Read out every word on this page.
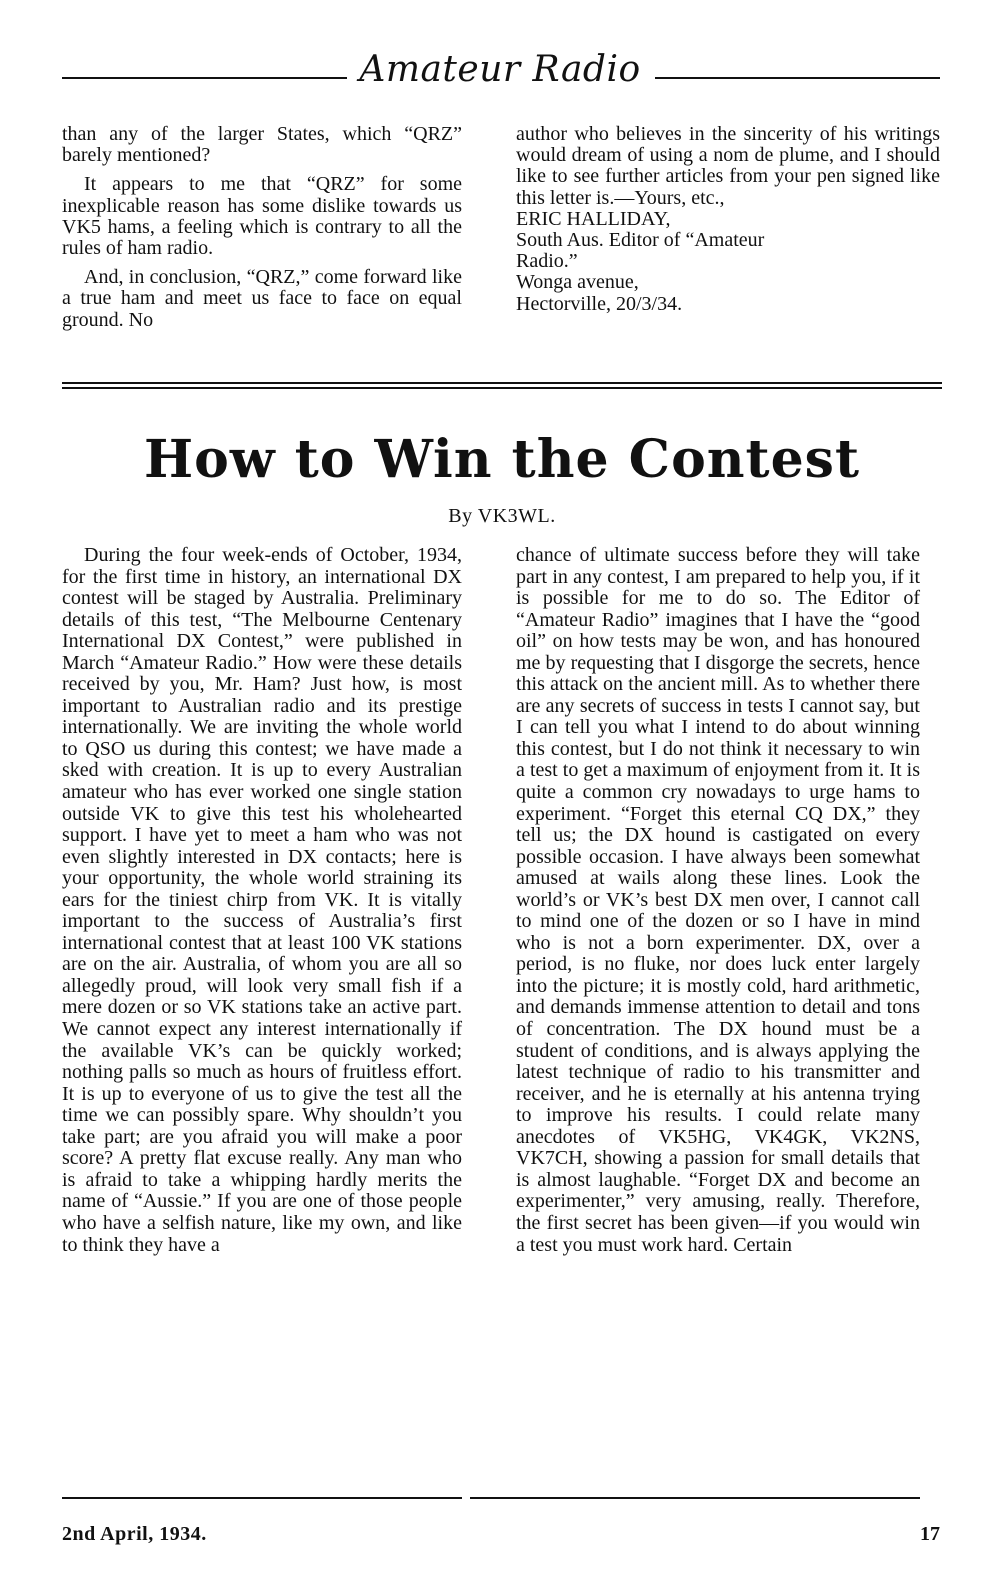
Amateur Radio

than any of the larger States, which “QRZ” barely mentioned?

It appears to me that “QRZ” for some inexplicable reason has some dislike towards us VK5 hams, a feeling which is contrary to all the rules of ham radio.

And, in conclusion, “QRZ,” come forward like a true ham and meet us face to face on equal ground. No

author who believes in the sincerity of his writings would dream of using a nom de plume, and I should like to see further articles from your pen signed like this letter is.—Yours, etc.,

ERIC HALLIDAY,

South Aus. Editor of “Amateur

Radio.”

Wonga avenue,

Hectorville, 20/3/34.

How to Win the Contest
By VK3WL.

During the four week-ends of October, 1934, for the first time in history, an international DX contest will be staged by Australia. Preliminary details of this test, “The Melbourne Centenary International DX Contest,” were published in March “Amateur Radio.” How were these details received by you, Mr. Ham? Just how, is most important to Australian radio and its prestige internationally. We are inviting the whole world to QSO us during this contest; we have made a sked with creation. It is up to every Australian amateur who has ever worked one single station outside VK to give this test his wholehearted support. I have yet to meet a ham who was not even slightly interested in DX contacts; here is your opportunity, the whole world straining its ears for the tiniest chirp from VK. It is vitally important to the success of Australia’s first international contest that at least 100 VK stations are on the air. Australia, of whom you are all so allegedly proud, will look very small fish if a mere dozen or so VK stations take an active part. We cannot expect any interest internationally if the available VK’s can be quickly worked; nothing palls so much as hours of fruitless effort. It is up to everyone of us to give the test all the time we can possibly spare. Why shouldn’t you take part; are you afraid you will make a poor score? A pretty flat excuse really. Any man who is afraid to take a whipping hardly merits the name of “Aussie.” If you are one of those people who have a selfish nature, like my own, and like to think they have a

chance of ultimate success before they will take part in any contest, I am prepared to help you, if it is possible for me to do so. The Editor of “Amateur Radio” imagines that I have the “good oil” on how tests may be won, and has honoured me by requesting that I disgorge the secrets, hence this attack on the ancient mill. As to whether there are any secrets of success in tests I cannot say, but I can tell you what I intend to do about winning this contest, but I do not think it necessary to win a test to get a maximum of enjoyment from it. It is quite a common cry nowadays to urge hams to experiment. “Forget this eternal CQ DX,” they tell us; the DX hound is castigated on every possible occasion. I have always been somewhat amused at wails along these lines. Look the world’s or VK’s best DX men over, I cannot call to mind one of the dozen or so I have in mind who is not a born experimenter. DX, over a period, is no fluke, nor does luck enter largely into the picture; it is mostly cold, hard arithmetic, and demands immense attention to detail and tons of concentration. The DX hound must be a student of conditions, and is always applying the latest technique of radio to his transmitter and receiver, and he is eternally at his antenna trying to improve his results. I could relate many anecdotes of VK5HG, VK4GK, VK2NS, VK7CH, showing a passion for small details that is almost laughable. “Forget DX and become an experimenter,” very amusing, really. Therefore, the first secret has been given—if you would win a test you must work hard. Certain

2nd April, 1934.	17
